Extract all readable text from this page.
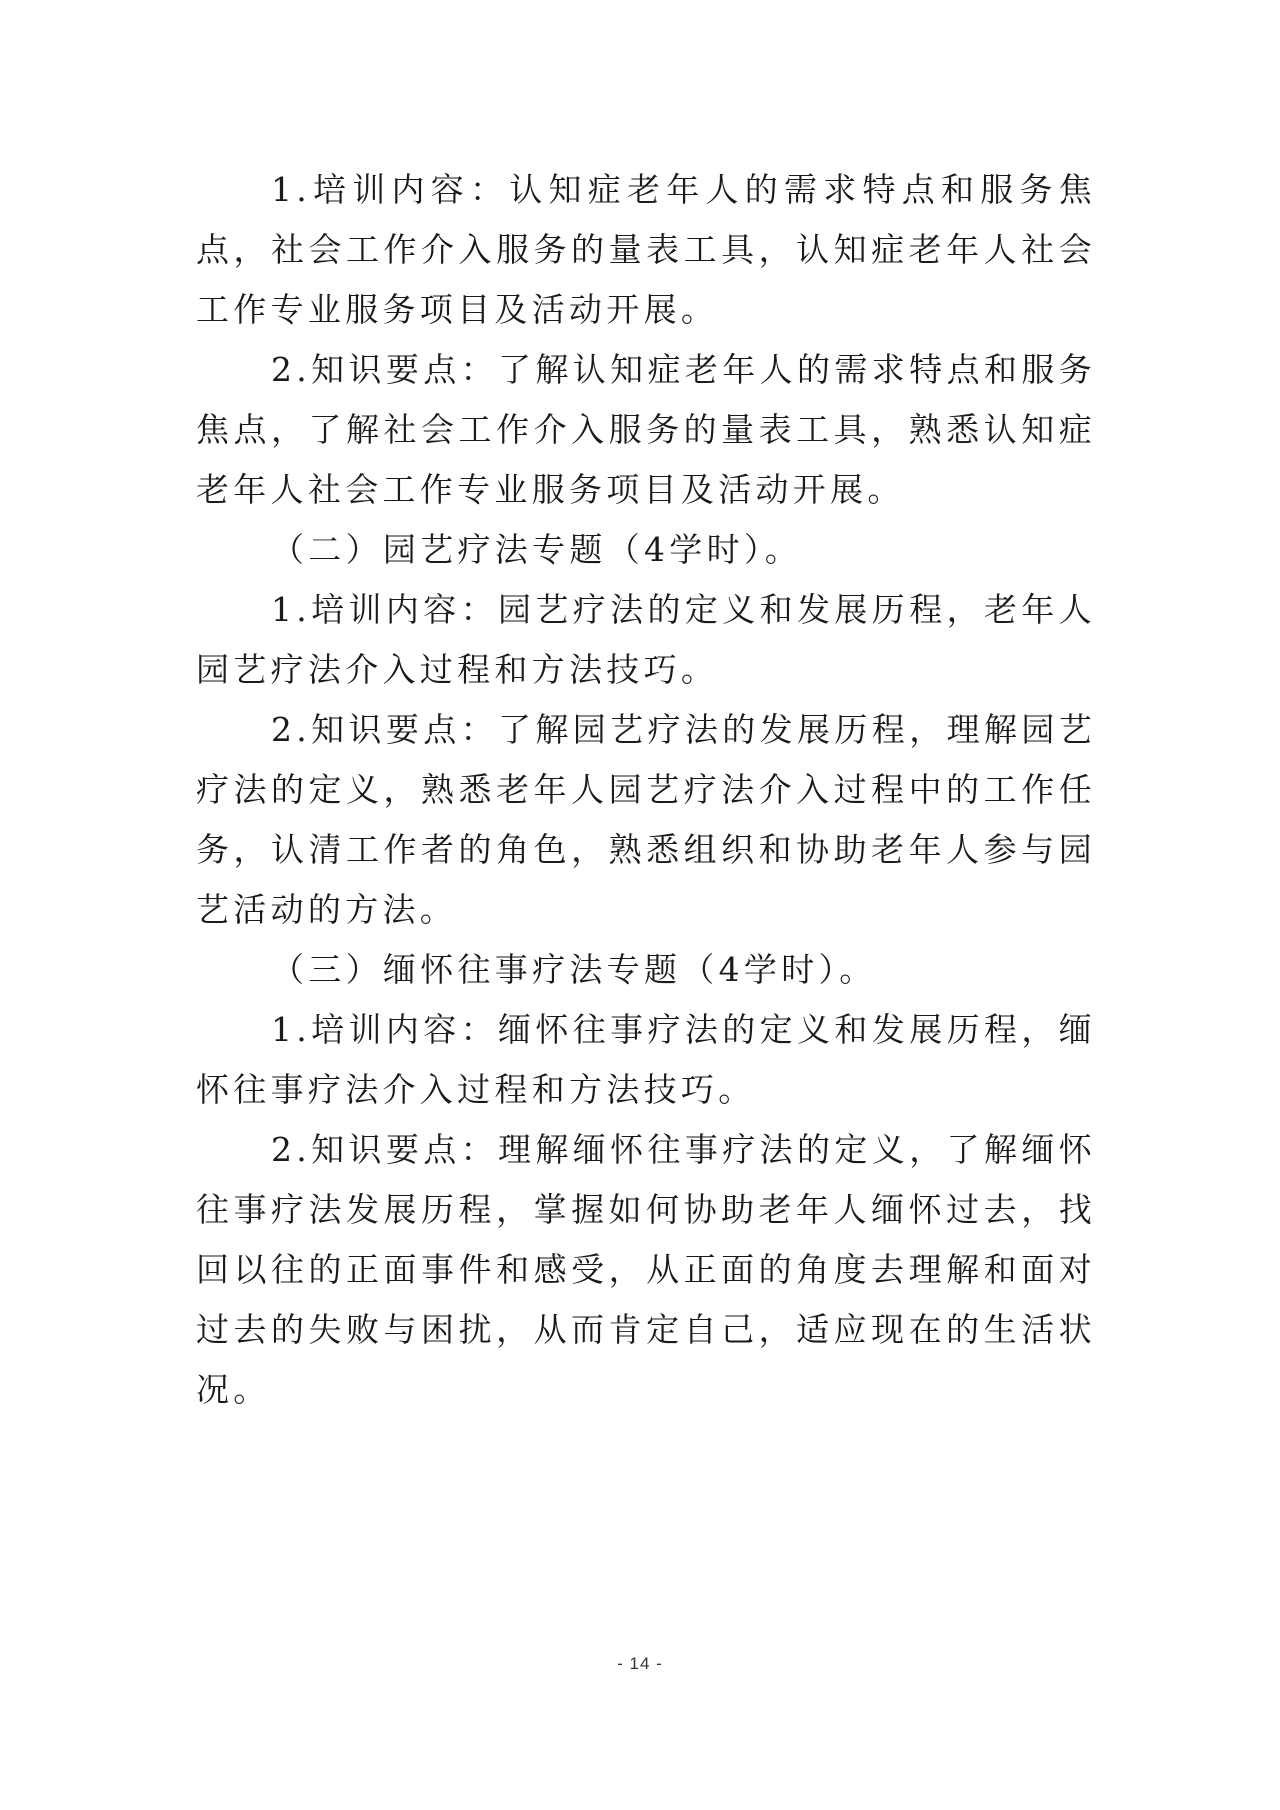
1.培训内容：认知症老年人的需求特点和服务焦点，社会工作介入服务的量表工具，认知症老年人社会工作专业服务项目及活动开展。

2.知识要点：了解认知症老年人的需求特点和服务焦点，了解社会工作介入服务的量表工具，熟悉认知症老年人社会工作专业服务项目及活动开展。

（二）园艺疗法专题（4学时）。

1.培训内容：园艺疗法的定义和发展历程，老年人园艺疗法介入过程和方法技巧。

2.知识要点：了解园艺疗法的发展历程，理解园艺疗法的定义，熟悉老年人园艺疗法介入过程中的工作任务，认清工作者的角色，熟悉组织和协助老年人参与园艺活动的方法。

（三）缅怀往事疗法专题（4学时）。

1.培训内容：缅怀往事疗法的定义和发展历程，缅怀往事疗法介入过程和方法技巧。

2.知识要点：理解缅怀往事疗法的定义，了解缅怀往事疗法发展历程，掌握如何协助老年人缅怀过去，找回以往的正面事件和感受，从正面的角度去理解和面对过去的失败与困扰，从而肯定自己，适应现在的生活状况。

- 14 -
